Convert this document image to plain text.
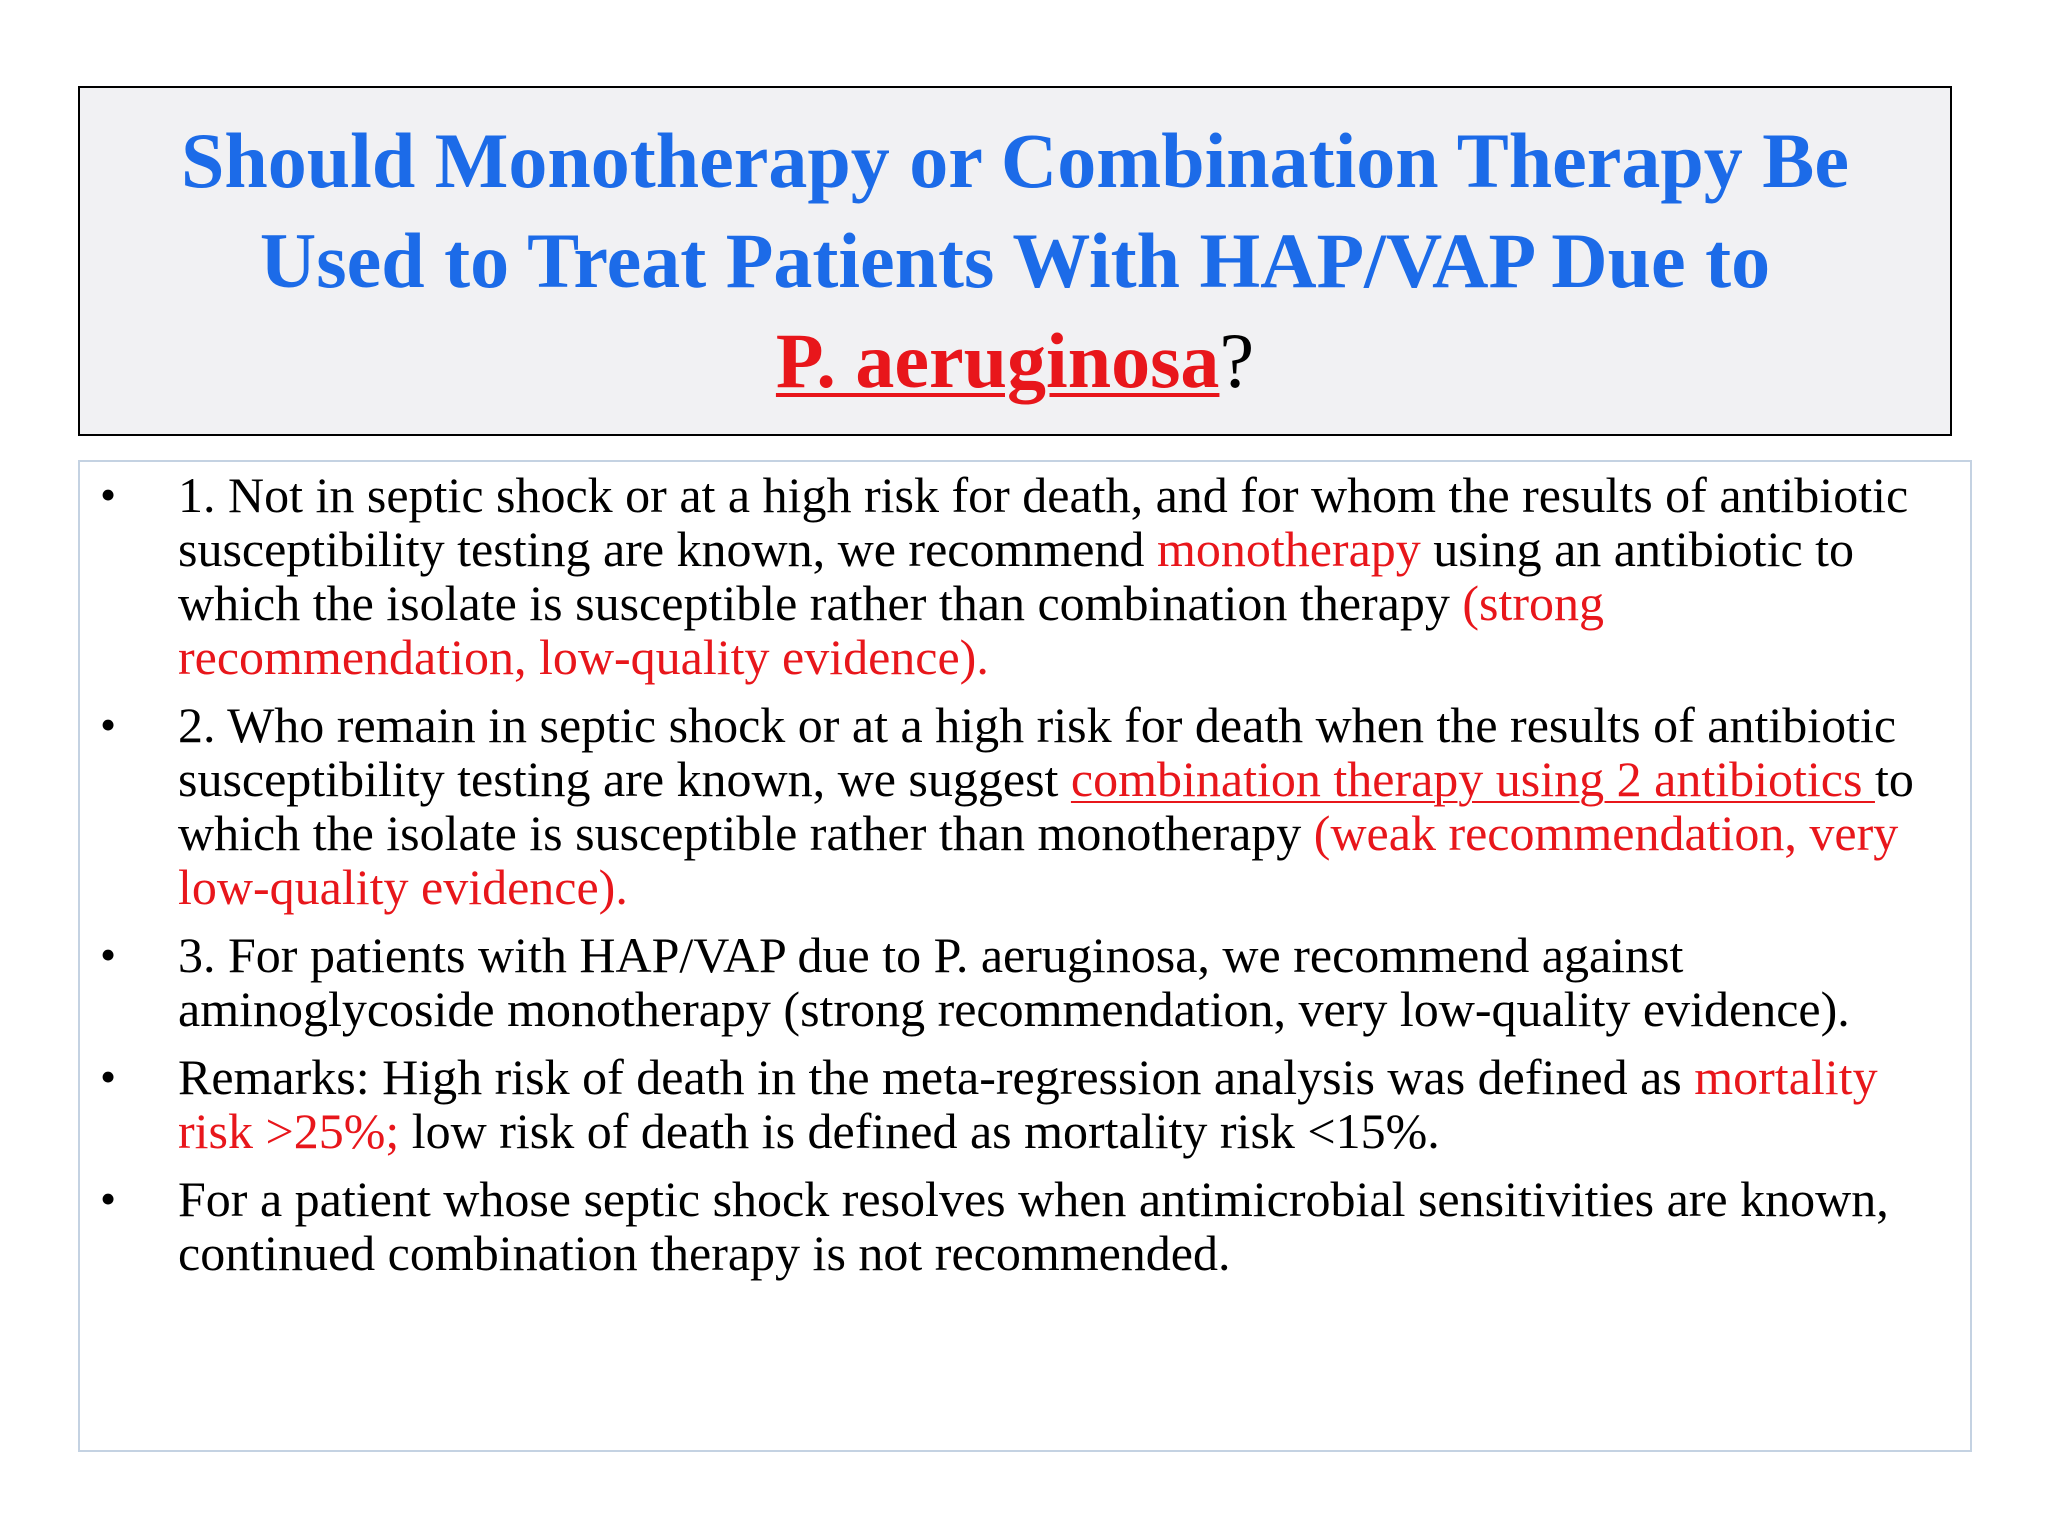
Should Monotherapy or Combination Therapy Be
Used to Treat Patients With HAP/VAP Due to
P. aeruginosa?
•	1. Not in septic shock or at a high risk for death, and for whom the results of antibiotic susceptibility testing are known, we recommend monotherapy using an antibiotic to which the isolate is susceptible rather than combination therapy (strong recommendation, low-quality evidence).
•	2. Who remain in septic shock or at a high risk for death when the results of antibiotic susceptibility testing are known, we suggest combination therapy using 2 antibiotics to which the isolate is susceptible rather than monotherapy (weak recommendation, very low-quality evidence).
•	3. For patients with HAP/VAP due to P. aeruginosa, we recommend against aminoglycoside monotherapy (strong recommendation, very low-quality evidence).
•	Remarks: High risk of death in the meta-regression analysis was defined as mortality risk >25%; low risk of death is defined as mortality risk <15%.
•	For a patient whose septic shock resolves when antimicrobial sensitivities are known, continued combination therapy is not recommended.
